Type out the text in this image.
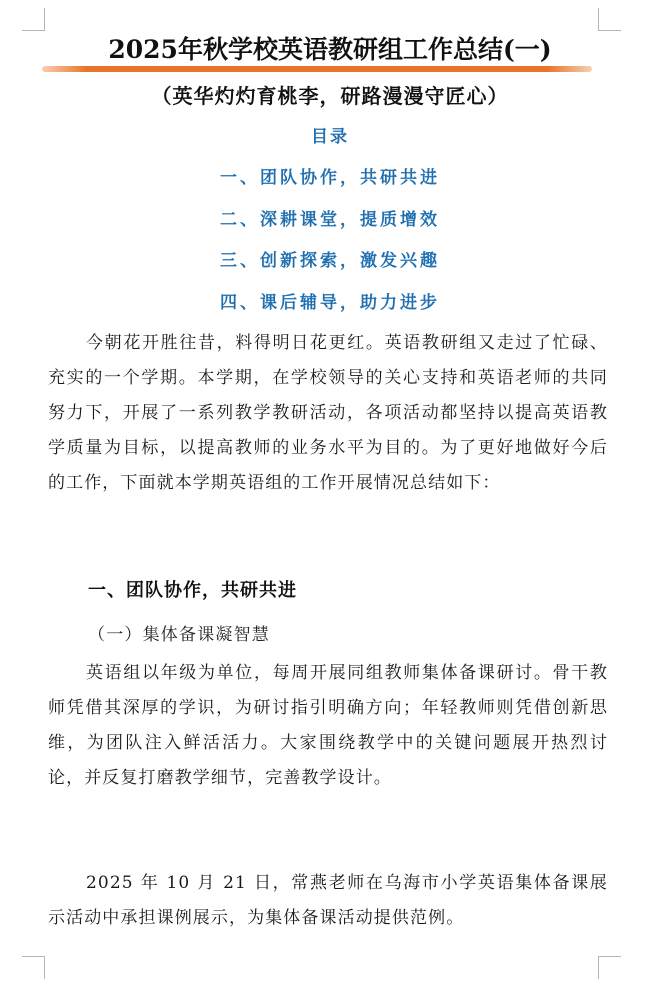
2025年秋学校英语教研组工作总结(一)
（英华灼灼育桃李，研路漫漫守匠心）
目录
一、团队协作，共研共进
二、深耕课堂，提质增效
三、创新探索，激发兴趣
四、课后辅导，助力进步
今朝花开胜往昔，料得明日花更红。英语教研组又走过了忙碌、充实的一个学期。本学期，在学校领导的关心支持和英语老师的共同努力下，开展了一系列教学教研活动，各项活动都坚持以提高英语教学质量为目标，以提高教师的业务水平为目的。为了更好地做好今后的工作，下面就本学期英语组的工作开展情况总结如下：
一、团队协作，共研共进
（一）集体备课凝智慧
英语组以年级为单位，每周开展同组教师集体备课研讨。骨干教师凭借其深厚的学识，为研讨指引明确方向；年轻教师则凭借创新思维，为团队注入鲜活活力。大家围绕教学中的关键问题展开热烈讨论，并反复打磨教学细节，完善教学设计。
2025 年 10 月 21 日，常燕老师在乌海市小学英语集体备课展示活动中承担课例展示，为集体备课活动提供范例。
